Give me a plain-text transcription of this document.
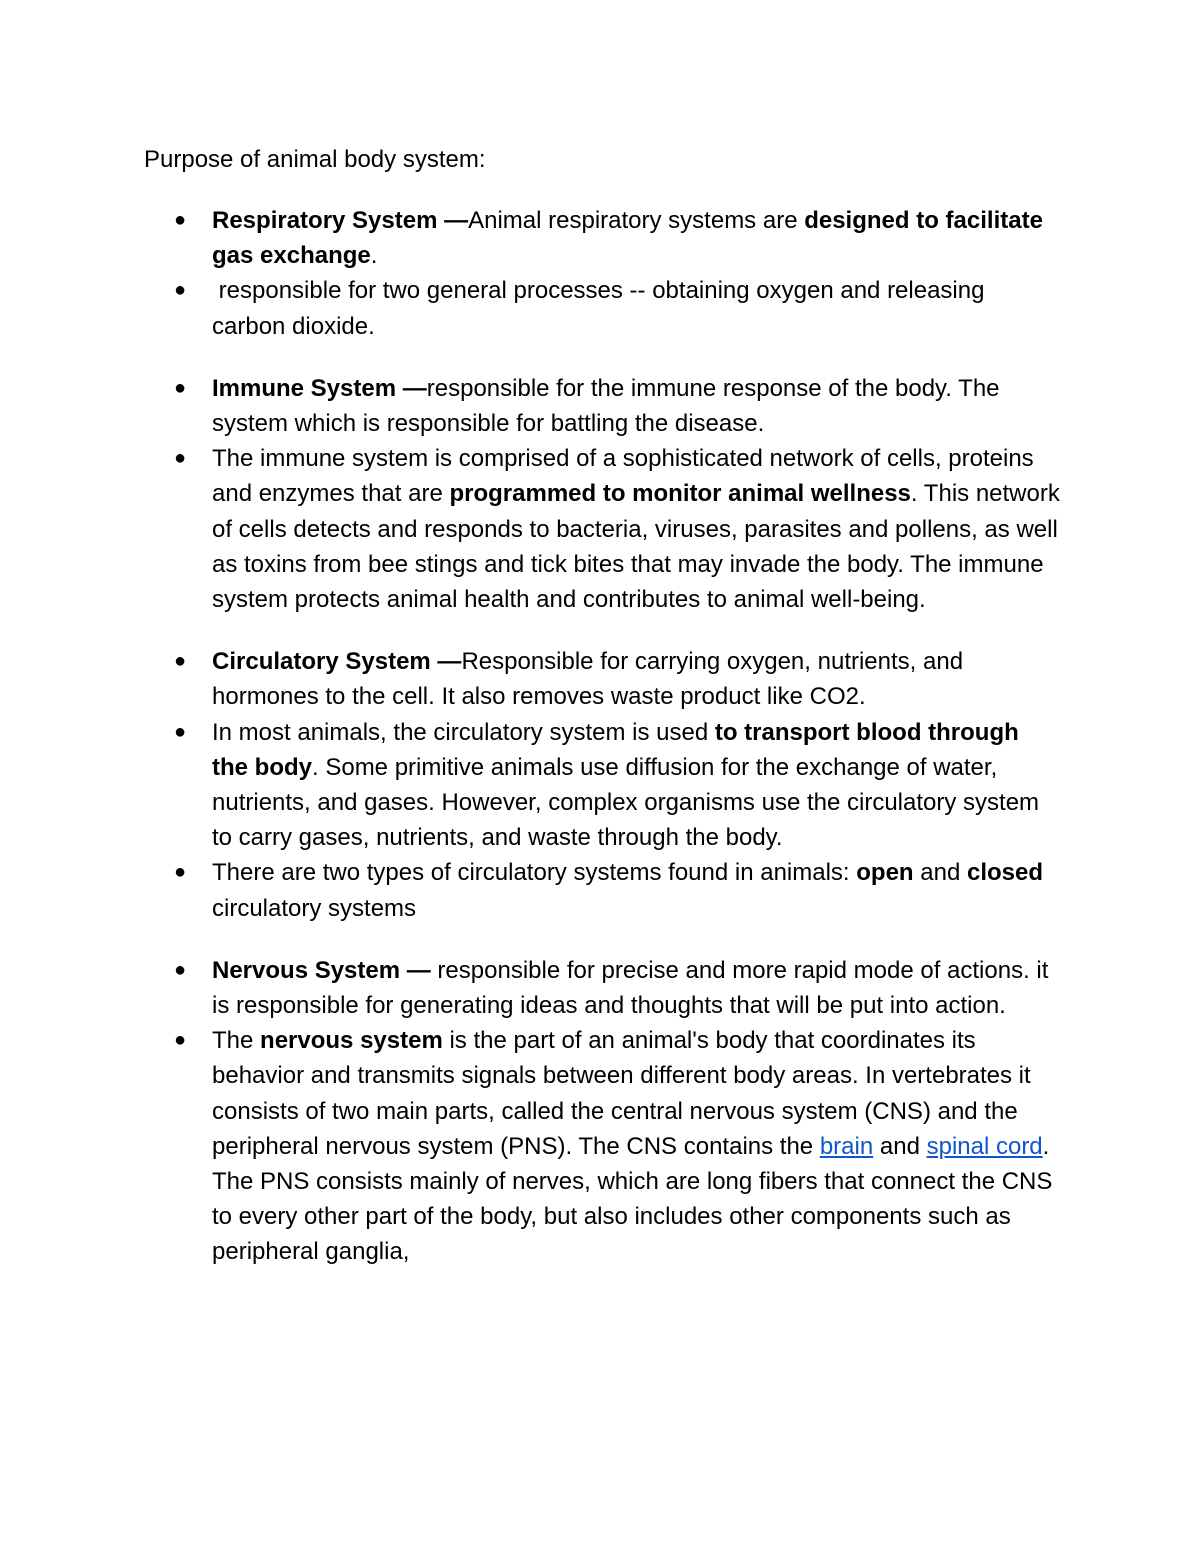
Purpose of animal body system:
● Respiratory System —Animal respiratory systems are designed to facilitate gas exchange.
● responsible for two general processes -- obtaining oxygen and releasing carbon dioxide.
● Immune System —responsible for the immune response of the body. The system which is responsible for battling the disease.
● The immune system is comprised of a sophisticated network of cells, proteins and enzymes that are programmed to monitor animal wellness. This network of cells detects and responds to bacteria, viruses, parasites and pollens, as well as toxins from bee stings and tick bites that may invade the body. The immune system protects animal health and contributes to animal well-being.
● Circulatory System —Responsible for carrying oxygen, nutrients, and hormones to the cell. It also removes waste product like CO2.
● In most animals, the circulatory system is used to transport blood through the body. Some primitive animals use diffusion for the exchange of water, nutrients, and gases. However, complex organisms use the circulatory system to carry gases, nutrients, and waste through the body.
● There are two types of circulatory systems found in animals: open and closed circulatory systems
● Nervous System — responsible for precise and more rapid mode of actions. it is responsible for generating ideas and thoughts that will be put into action.
● The nervous system is the part of an animal's body that coordinates its behavior and transmits signals between different body areas. In vertebrates it consists of two main parts, called the central nervous system (CNS) and the peripheral nervous system (PNS). The CNS contains the brain and spinal cord. The PNS consists mainly of nerves, which are long fibers that connect the CNS to every other part of the body, but also includes other components such as peripheral ganglia,
